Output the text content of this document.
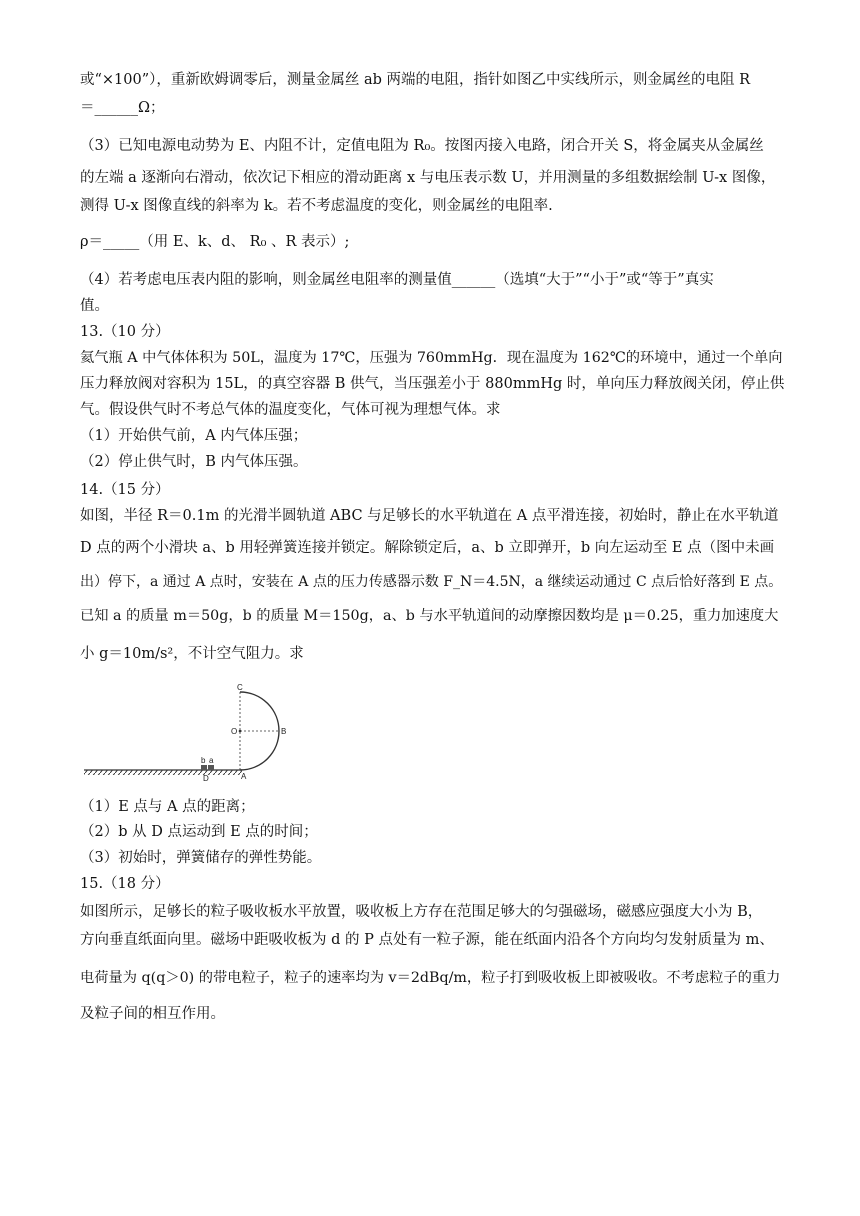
或“×100”），重新欧姆调零后，测量金属丝 ab 两端的电阻，指针如图乙中实线所示，则金属丝的电阻 R
＝______Ω；
（3）已知电源电动势为 E、内阻不计，定值电阻为 R₀。按图丙接入电路，闭合开关 S，将金属夹从金属丝
的左端 a 逐渐向右滑动，依次记下相应的滑动距离 x 与电压表示数 U，并用测量的多组数据绘制 U-x 图像，
测得 U-x 图像直线的斜率为 k。若不考虑温度的变化，则金属丝的电阻率.
ρ＝_____（用 E、k、d、 R₀ 、R 表示）;
（4）若考虑电压表内阻的影响，则金属丝电阻率的测量值______（选填“大于”“小于”或“等于”真实
值。
13.（10 分）
氦气瓶 A 中气体体积为 50L，温度为 17℃，压强为 760mmHg．现在温度为 162℃的环境中，通过一个单向
压力释放阀对容积为 15L，的真空容器 B 供气，当压强差小于 880mmHg 时，单向压力释放阀关闭，停止供
气。假设供气时不考总气体的温度变化，气体可视为理想气体。求
（1）开始供气前，A 内气体压强；
（2）停止供气时，B 内气体压强。
14.（15 分）
如图，半径 R＝0.1m 的光滑半圆轨道 ABC 与足够长的水平轨道在 A 点平滑连接，初始时，静止在水平轨道
D 点的两个小滑块 a、b 用轻弹簧连接并锁定。解除锁定后，a、b 立即弹开，b 向左运动至 E 点（图中未画
出）停下，a 通过 A 点时，安装在 A 点的压力传感器示数 F_N＝4.5N，a 继续运动通过 C 点后恰好落到 E 点。
已知 a 的质量 m＝50g，b 的质量 M＝150g，a、b 与水平轨道间的动摩擦因数均是 μ＝0.25，重力加速度大
小 g＝10m/s²，不计空气阻力。求
C
O	B
A
D
b a
（1）E 点与 A 点的距离；
（2）b 从 D 点运动到 E 点的时间；
（3）初始时，弹簧储存的弹性势能。
15.（18 分）
如图所示，足够长的粒子吸收板水平放置，吸收板上方存在范围足够大的匀强磁场，磁感应强度大小为 B，
方向垂直纸面向里。磁场中距吸收板为 d 的 P 点处有一粒子源，能在纸面内沿各个方向均匀发射质量为 m、
电荷量为 q(q＞0) 的带电粒子，粒子的速率均为 v＝2dBq/m，粒子打到吸收板上即被吸收。不考虑粒子的重力
及粒子间的相互作用。
